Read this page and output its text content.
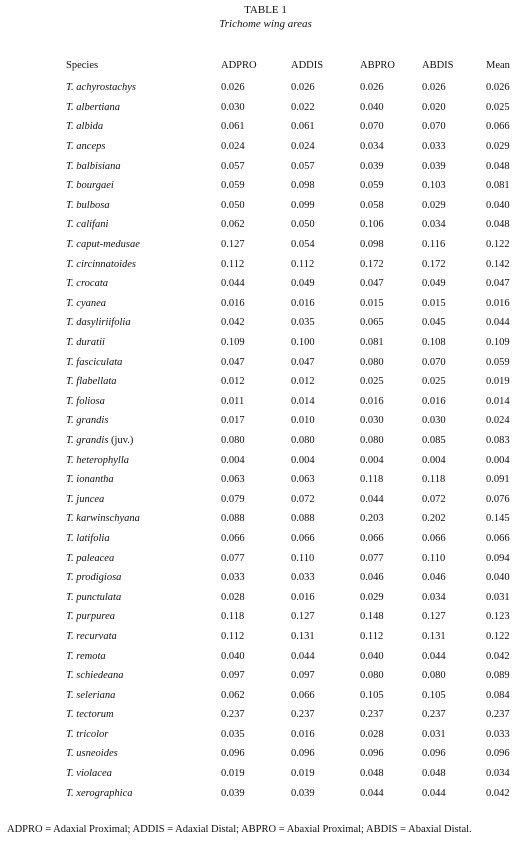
TABLE 1
Trichome wing areas
Species	ADPRO	ADDIS	ABPRO	ABDIS	Mean
T. achyrostachys	0.026	0.026	0.026	0.026	0.026
T. albertiana	0.030	0.022	0.040	0.020	0.025
T. albida	0.061	0.061	0.070	0.070	0.066
T. anceps	0.024	0.024	0.034	0.033	0.029
T. balbisiana	0.057	0.057	0.039	0.039	0.048
T. bourgaei	0.059	0.098	0.059	0.103	0.081
T. bulbosa	0.050	0.099	0.058	0.029	0.040
T. califani	0.062	0.050	0.106	0.034	0.048
T. caput-medusae	0.127	0.054	0.098	0.116	0.122
T. circinnatoides	0.112	0.112	0.172	0.172	0.142
T. crocata	0.044	0.049	0.047	0.049	0.047
T. cyanea	0.016	0.016	0.015	0.015	0.016
T. dasyliriifolia	0.042	0.035	0.065	0.045	0.044
T. duratii	0.109	0.100	0.081	0.108	0.109
T. fasciculata	0.047	0.047	0.080	0.070	0.059
T. flabellata	0.012	0.012	0.025	0.025	0.019
T. foliosa	0.011	0.014	0.016	0.016	0.014
T. grandis	0.017	0.010	0.030	0.030	0.024
T. grandis (juv.)	0.080	0.080	0.080	0.085	0.083
T. heterophylla	0.004	0.004	0.004	0.004	0.004
T. ionantha	0.063	0.063	0.118	0.118	0.091
T. juncea	0.079	0.072	0.044	0.072	0.076
T. karwinschyana	0.088	0.088	0.203	0.202	0.145
T. latifolia	0.066	0.066	0.066	0.066	0.066
T. paleacea	0.077	0.110	0.077	0.110	0.094
T. prodigiosa	0.033	0.033	0.046	0.046	0.040
T. punctulata	0.028	0.016	0.029	0.034	0.031
T. purpurea	0.118	0.127	0.148	0.127	0.123
T. recurvata	0.112	0.131	0.112	0.131	0.122
T. remota	0.040	0.044	0.040	0.044	0.042
T. schiedeana	0.097	0.097	0.080	0.080	0.089
T. seleriana	0.062	0.066	0.105	0.105	0.084
T. tectorum	0.237	0.237	0.237	0.237	0.237
T. tricolor	0.035	0.016	0.028	0.031	0.033
T. usneoides	0.096	0.096	0.096	0.096	0.096
T. violacea	0.019	0.019	0.048	0.048	0.034
T. xerographica	0.039	0.039	0.044	0.044	0.042
ADPRO = Adaxial Proximal; ADDIS = Adaxial Distal; ABPRO = Abaxial Proximal; ABDIS = Abaxial Distal.
